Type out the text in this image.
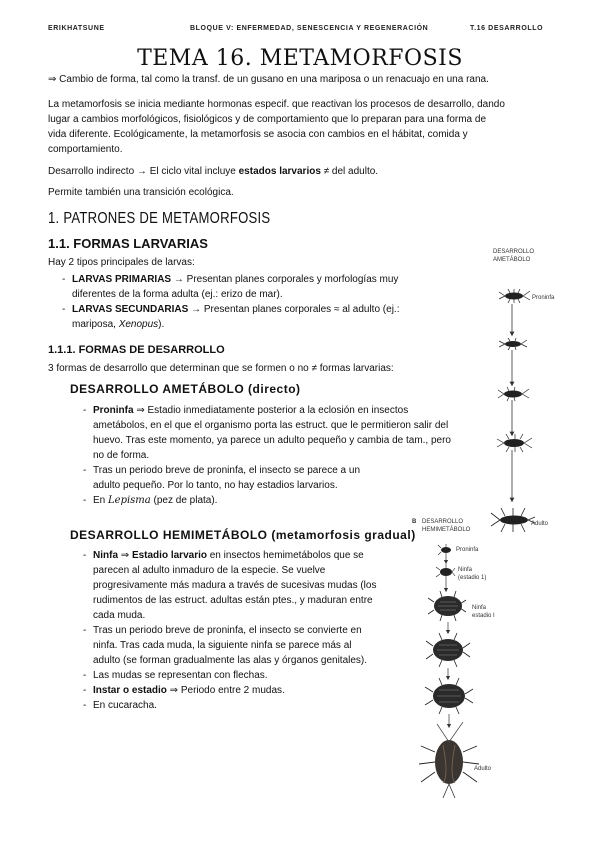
ERIKHATSUNE	BLOQUE V: ENFERMEDAD, SENESCENCIA Y REGENERACIÓN	T.16 DESARROLLO
TEMA 16. METAMORFOSIS
⇒ Cambio de forma, tal como la transf. de un gusano en una mariposa o un renacuajo en una rana.
La metamorfosis se inicia mediante hormonas especif. que reactivan los procesos de desarrollo, dando
lugar a cambios morfológicos, fisiológicos y de comportamiento que lo preparan para una forma de
vida diferente. Ecológicamente, la metamorfosis se asocia con cambios en el hábitat, comida y
comportamiento.
Desarrollo indirecto → El ciclo vital incluye estados larvarios ≠ del adulto.
Permite también una transición ecológica.
1. PATRONES DE METAMORFOSIS
1.1. FORMAS LARVARIAS
Hay 2 tipos principales de larvas:
- LARVAS PRIMARIAS → Presentan planes corporales y morfologías muy
diferentes de la forma adulta (ej.: erizo de mar).
- LARVAS SECUNDARIAS → Presentan planes corporales ≈ al adulto (ej.:
mariposa, Xenopus).
1.1.1. FORMAS DE DESARROLLO
3 formas de desarrollo que determinan que se formen o no ≠ formas larvarias:
DESARROLLO AMETÁBOLO (directo)
- Proninfa ⇒ Estadio inmediatamente posterior a la eclosión en insectos
ametábolos, en el que el organismo porta las estruct. que le permitieron salir del
huevo. Tras este momento, ya parece un adulto pequeño y cambia de tam., pero
no de forma.
- Tras un periodo breve de proninfa, el insecto se parece a un
adulto pequeño. Por lo tanto, no hay estadios larvarios.
- En Lepisma (pez de plata).
DESARROLLO HEMIMETÁBOLO (metamorfosis gradual)
- Ninfa ⇒ Estadio larvario en insectos hemimetábolos que se
parecen al adulto inmaduro de la especie. Se vuelve
progresivamente más madura a través de sucesivas mudas (los
rudimentos de las estruct. adultas están ptes., y maduran entre
cada muda.
- Tras un periodo breve de proninfa, el insecto se convierte en
ninfa. Tras cada muda, la siguiente ninfa se parece más al
adulto (se forman gradualmente las alas y órganos genitales).
- Las mudas se representan con flechas.
- Instar o estadio ⇒ Periodo entre 2 mudas.
- En cucaracha.
DESARROLLO
AMETÁBOLO
Proninfa
Adulto
B DESARROLLO
HEMIMETÁBOLO
Proninfa
Ninfa
(estadio 1)
Ninfa
estadio I
Adulto
